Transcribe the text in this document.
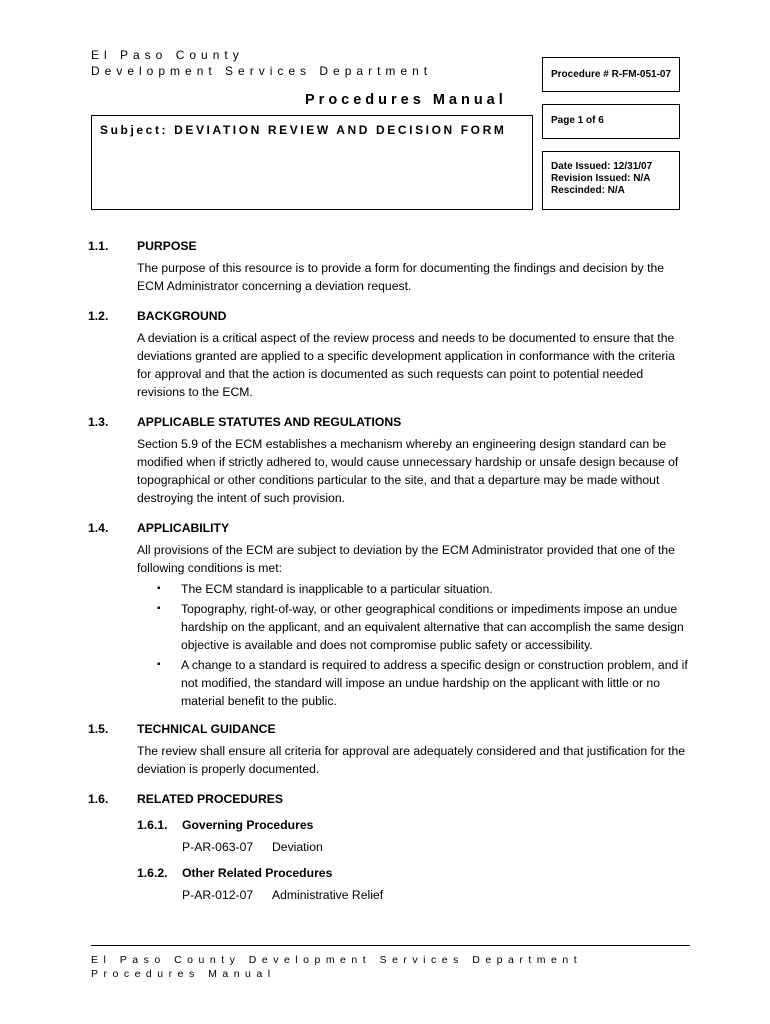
El Paso County
Development Services Department	Procedure # R-FM-051-07
Procedures Manual
Page 1 of 6
Subject: DEVIATION REVIEW AND DECISION FORM
Date Issued: 12/31/07
Revision Issued: N/A
Rescinded: N/A
1.1.	PURPOSE
The purpose of this resource is to provide a form for documenting the findings and decision by the ECM Administrator concerning a deviation request.
1.2.	BACKGROUND
A deviation is a critical aspect of the review process and needs to be documented to ensure that the deviations granted are applied to a specific development application in conformance with the criteria for approval and that the action is documented as such requests can point to potential needed revisions to the ECM.
1.3.	APPLICABLE STATUTES AND REGULATIONS
Section 5.9 of the ECM establishes a mechanism whereby an engineering design standard can be modified when if strictly adhered to, would cause unnecessary hardship or unsafe design because of topographical or other conditions particular to the site, and that a departure may be made without destroying the intent of such provision.
1.4.	APPLICABILITY
All provisions of the ECM are subject to deviation by the ECM Administrator provided that one of the following conditions is met:
▪ The ECM standard is inapplicable to a particular situation.
▪ Topography, right-of-way, or other geographical conditions or impediments impose an undue hardship on the applicant, and an equivalent alternative that can accomplish the same design objective is available and does not compromise public safety or accessibility.
▪ A change to a standard is required to address a specific design or construction problem, and if not modified, the standard will impose an undue hardship on the applicant with little or no material benefit to the public.
1.5.	TECHNICAL GUIDANCE
The review shall ensure all criteria for approval are adequately considered and that justification for the deviation is properly documented.
1.6.	RELATED PROCEDURES
1.6.1.	Governing Procedures
P-AR-063-07	Deviation
1.6.2.	Other Related Procedures
P-AR-012-07	Administrative Relief
El Paso County Development Services Department
Procedures Manual
